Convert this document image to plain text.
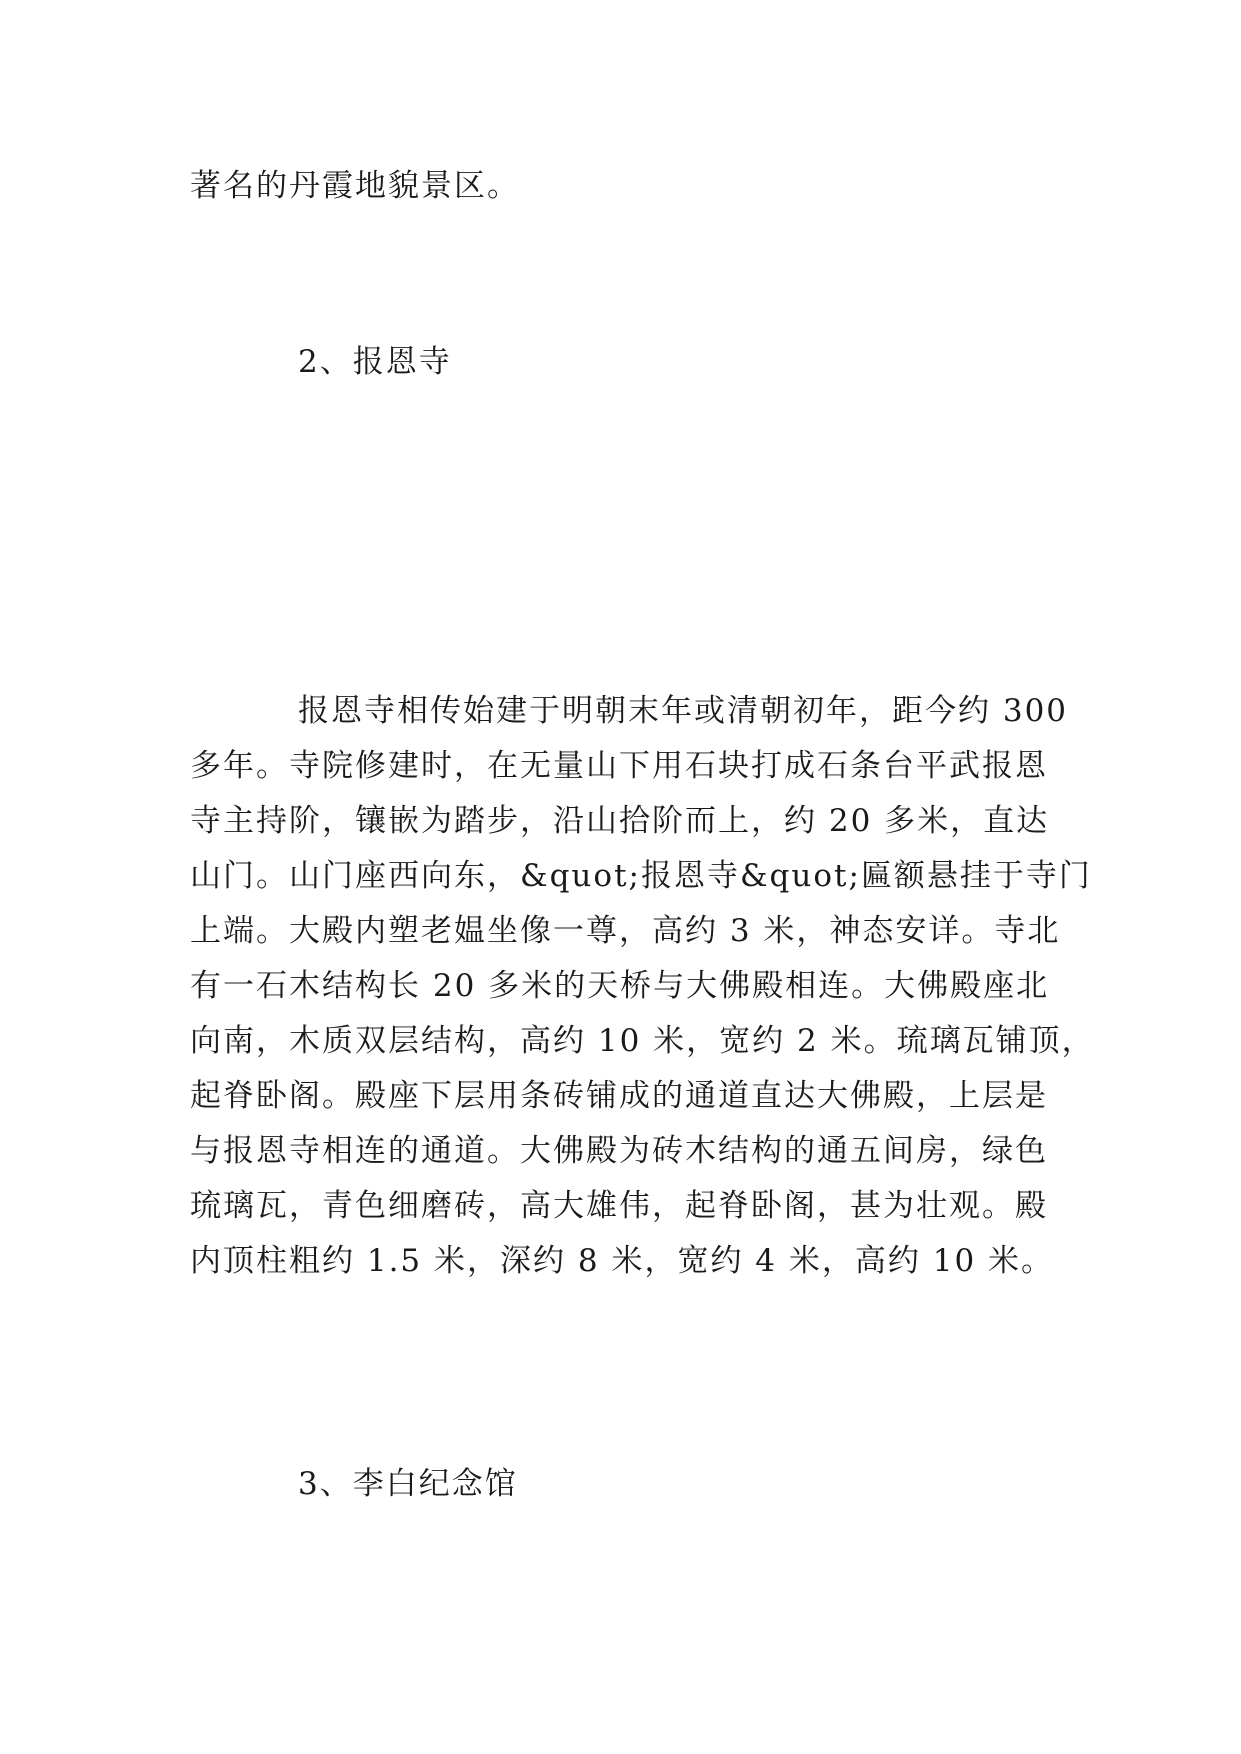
著名的丹霞地貌景区。
2、报恩寺
报恩寺相传始建于明朝末年或清朝初年，距今约 300
多年。寺院修建时，在无量山下用石块打成石条台平武报恩
寺主持阶，镶嵌为踏步，沿山拾阶而上，约 20 多米，直达
山门。山门座西向东，&quot;报恩寺&quot;匾额悬挂于寺门
上端。大殿内塑老媪坐像一尊，高约 3 米，神态安详。寺北
有一石木结构长 20 多米的天桥与大佛殿相连。大佛殿座北
向南，木质双层结构，高约 10 米，宽约 2 米。琉璃瓦铺顶，
起脊卧阁。殿座下层用条砖铺成的通道直达大佛殿，上层是
与报恩寺相连的通道。大佛殿为砖木结构的通五间房，绿色
琉璃瓦，青色细磨砖，高大雄伟，起脊卧阁，甚为壮观。殿
内顶柱粗约 1.5 米，深约 8 米，宽约 4 米，高约 10 米。
3、李白纪念馆
